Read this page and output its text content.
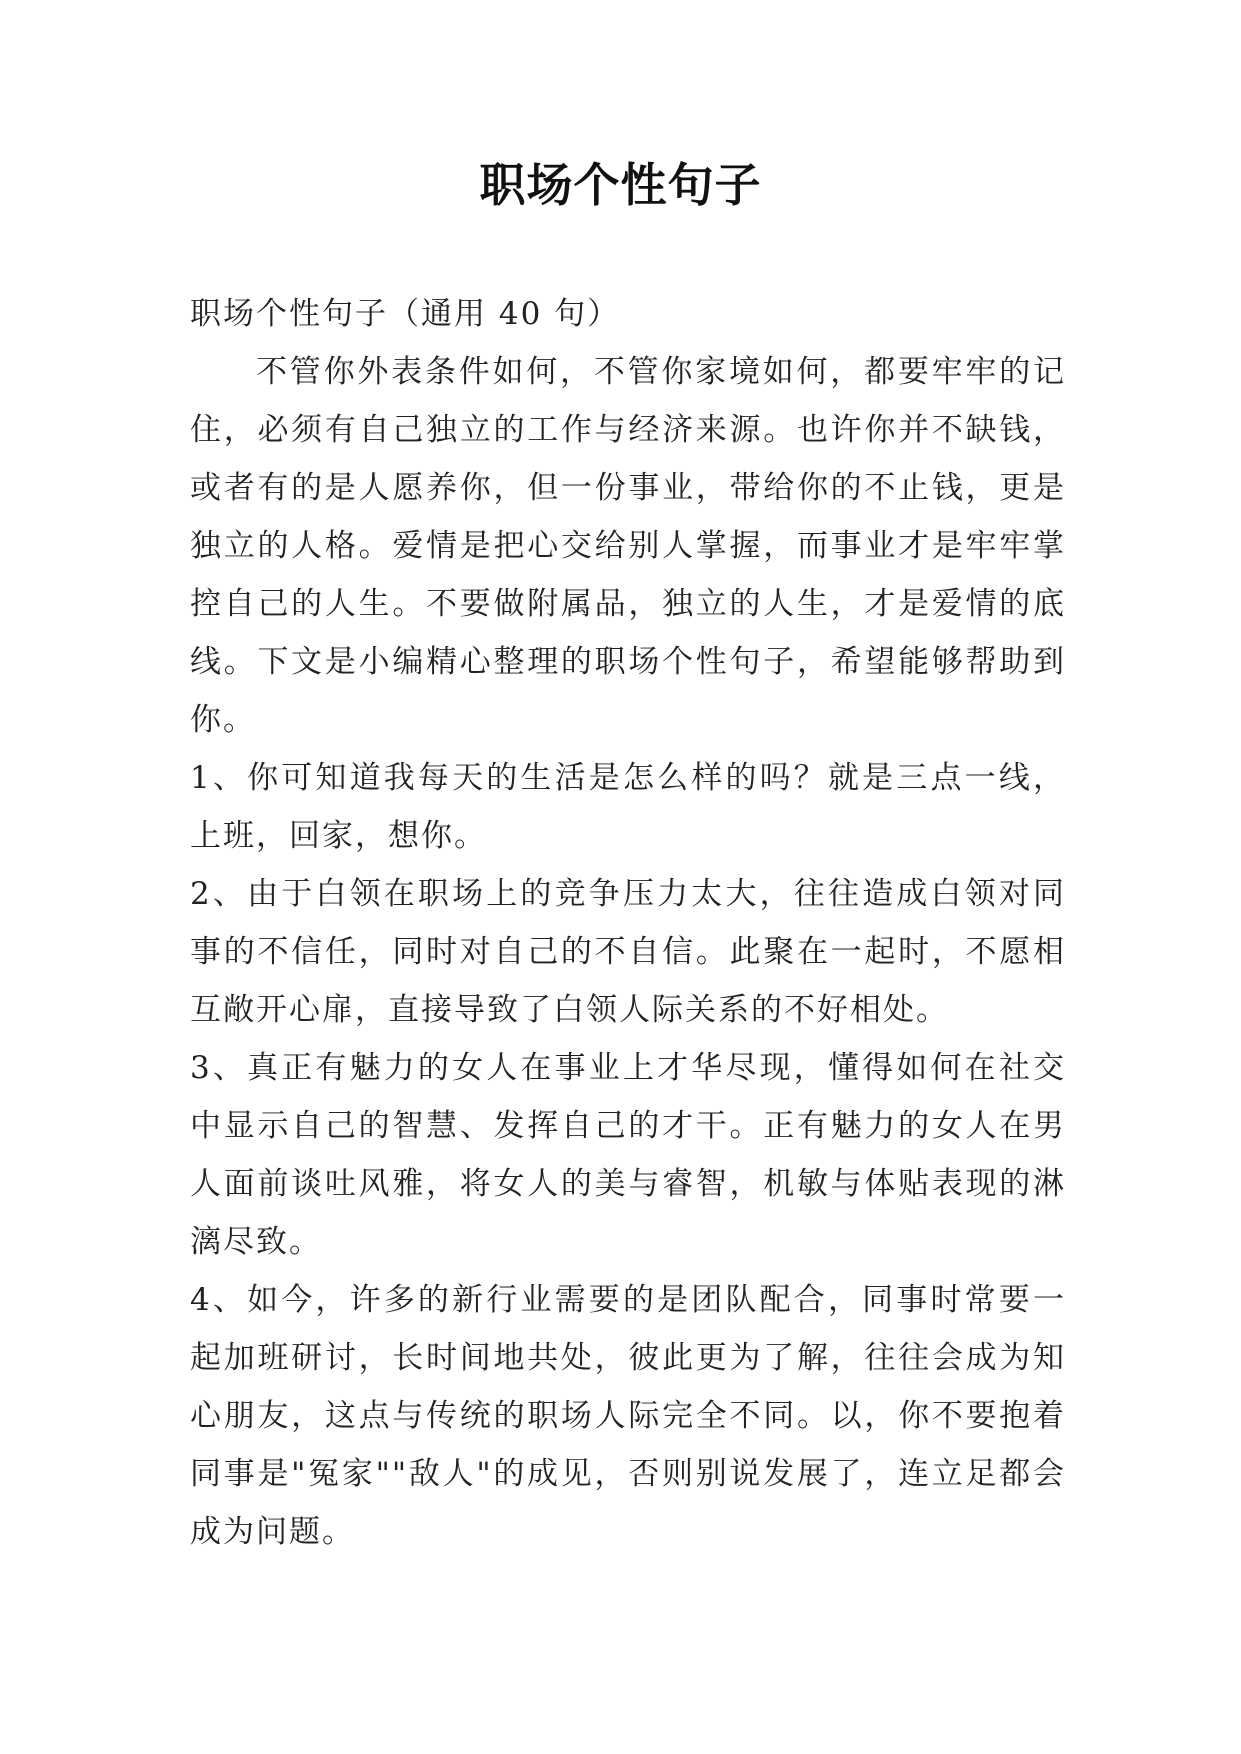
职场个性句子

职场个性句子（通用 40 句）

不管你外表条件如何，不管你家境如何，都要牢牢的记住，必须有自己独立的工作与经济来源。也许你并不缺钱，或者有的是人愿养你，但一份事业，带给你的不止钱，更是独立的人格。爱情是把心交给别人掌握，而事业才是牢牢掌控自己的人生。不要做附属品，独立的人生，才是爱情的底线。下文是小编精心整理的职场个性句子，希望能够帮助到你。

1、你可知道我每天的生活是怎么样的吗？就是三点一线，上班，回家，想你。

2、由于白领在职场上的竞争压力太大，往往造成白领对同事的不信任，同时对自己的不自信。此聚在一起时，不愿相互敞开心扉，直接导致了白领人际关系的不好相处。

3、真正有魅力的女人在事业上才华尽现，懂得如何在社交中显示自己的智慧、发挥自己的才干。正有魅力的女人在男人面前谈吐风雅，将女人的美与睿智，机敏与体贴表现的淋漓尽致。

4、如今，许多的新行业需要的是团队配合，同事时常要一起加班研讨，长时间地共处，彼此更为了解，往往会成为知心朋友，这点与传统的职场人际完全不同。以，你不要抱着同事是"冤家""敌人"的成见，否则别说发展了，连立足都会成为问题。
